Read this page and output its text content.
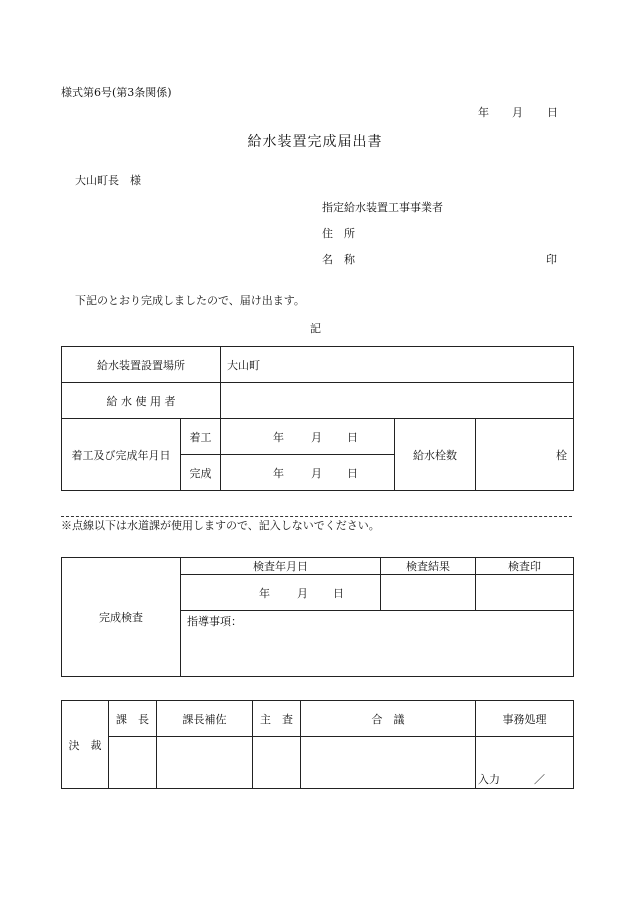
様式第6号(第3条関係)
年 月 日
給水装置完成届出書
大山町長　様
指定給水装置工事事業者
住　所
名　称	印
下記のとおり完成しましたので、届け出ます。
記
給水装置設置場所		大山町		
給 水 使 用 者				
着工及び完成年月日	着工	年 月 日	給水栓数	栓
	完成	年 月 日		
※点線以下は水道課が使用しますので、記入しないでください。
完成検査	検査年月日	検査結果	検査印

	年 月 日		

	指導事項：		
決　裁	課　長	課長補佐	主　査	合　議	事務処理
					入力 ／
